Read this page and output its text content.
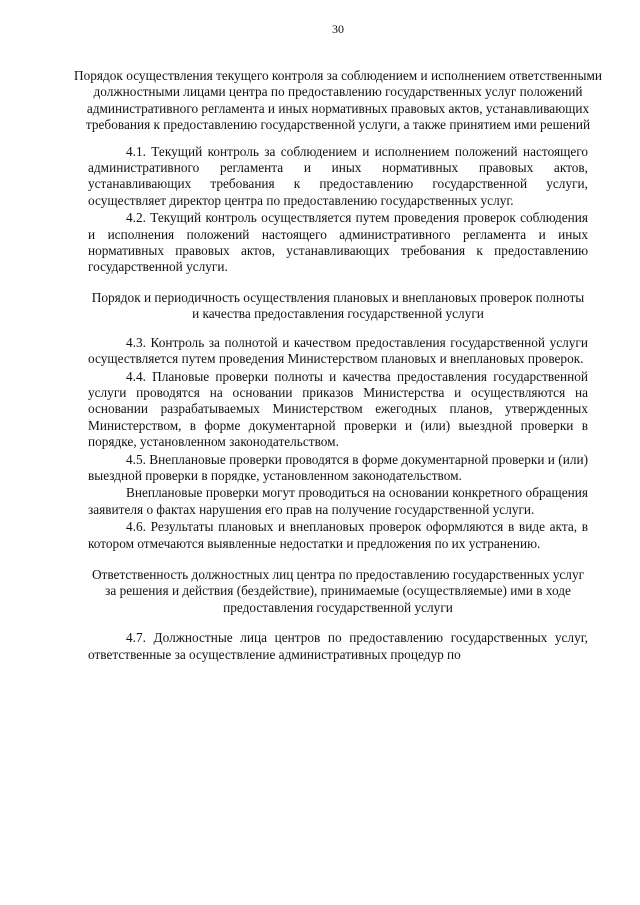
30
Порядок осуществления текущего контроля за соблюдением и исполнением ответственными должностными лицами центра по предоставлению государственных услуг положений административного регламента и иных нормативных правовых актов, устанавливающих требования к предоставлению государственной услуги, а также принятием ими решений

4.1. Текущий контроль за соблюдением и исполнением положений настоящего административного регламента и иных нормативных правовых актов, устанавливающих требования к предоставлению государственной услуги, осуществляет директор центра по предоставлению государственных услуг.

4.2. Текущий контроль осуществляется путем проведения проверок соблюдения и исполнения положений настоящего административного регламента и иных нормативных правовых актов, устанавливающих требования к предоставлению государственной услуги.

Порядок и периодичность осуществления плановых и внеплановых проверок полноты и качества предоставления государственной услуги

4.3. Контроль за полнотой и качеством предоставления государственной услуги осуществляется путем проведения Министерством плановых и внеплановых проверок.

4.4. Плановые проверки полноты и качества предоставления государственной услуги проводятся на основании приказов Министерства и осуществляются на основании разрабатываемых Министерством ежегодных планов, утвержденных Министерством, в форме документарной проверки и (или) выездной проверки в порядке, установленном законодательством.

4.5. Внеплановые проверки проводятся в форме документарной проверки и (или) выездной проверки в порядке, установленном законодательством.

Внеплановые проверки могут проводиться на основании конкретного обращения заявителя о фактах нарушения его прав на получение государственной услуги.

4.6. Результаты плановых и внеплановых проверок оформляются в виде акта, в котором отмечаются выявленные недостатки и предложения по их устранению.

Ответственность должностных лиц центра по предоставлению государственных услуг за решения и действия (бездействие), принимаемые (осуществляемые) ими в ходе предоставления государственной услуги

4.7. Должностные лица центров по предоставлению государственных услуг, ответственные за осуществление административных процедур по
